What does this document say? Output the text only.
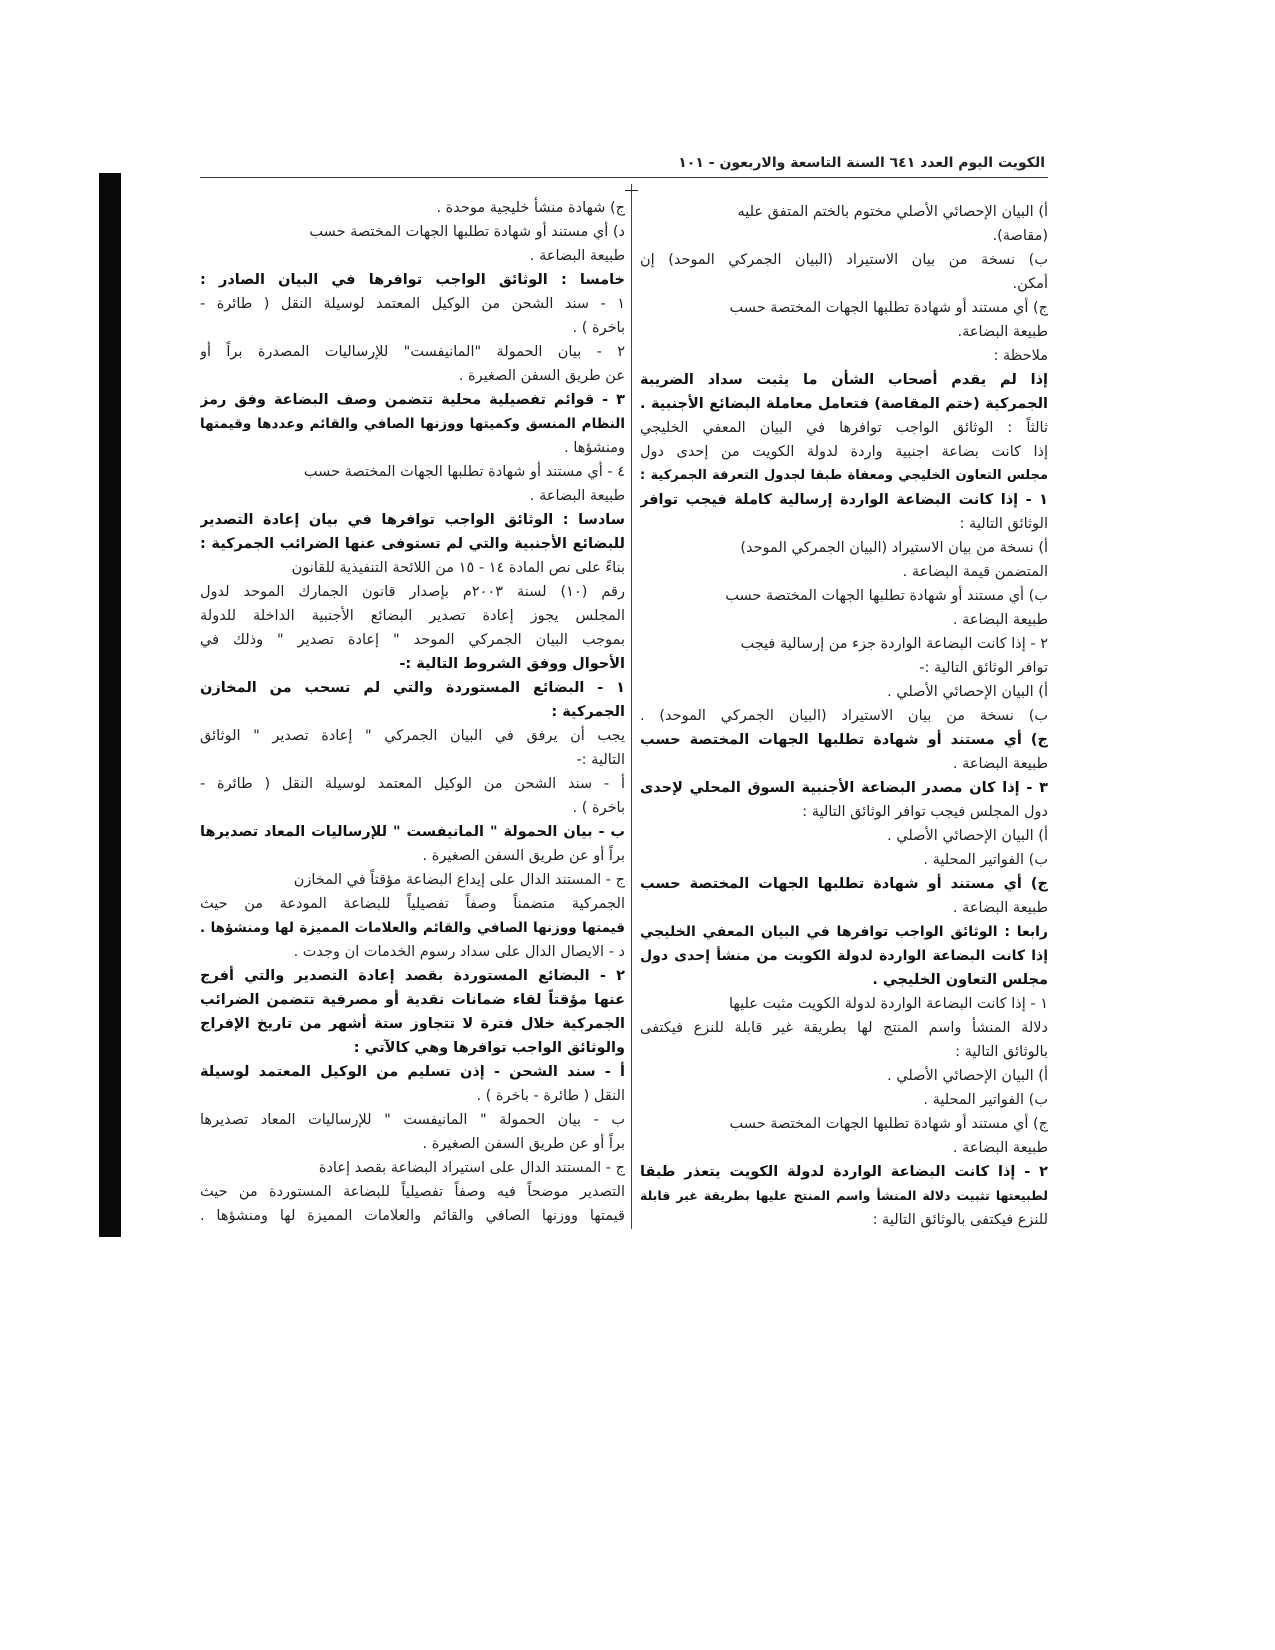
الكويت اليوم العدد ٦٤١ السنة التاسعة والاربعون - ١٠١
أ) البيان الإحصائي الأصلي مختوم بالختم المتفق عليه
(مقاصة).
ب) نسخة من بيان الاستيراد (البيان الجمركي الموحد) إن
أمكن.
ج) أي مستند أو شهادة تطلبها الجهات المختصة حسب
طبيعة البضاعة.
ملاحظة :
إذا لم يقدم أصحاب الشأن ما يثبت سداد الضريبة
الجمركية (ختم المقاصة) فتعامل معاملة البضائع الأجنبية .
ثالثاً : الوثائق الواجب توافرها في البيان المعفي الخليجي
إذا كانت بضاعة اجنبية واردة لدولة الكويت من إحدى دول
مجلس التعاون الخليجي ومعفاة طبقا لجدول التعرفة الجمركية :
١ - إذا كانت البضاعة الواردة إرسالية كاملة فيجب توافر
الوثائق التالية :
أ) نسخة من بيان الاستيراد (البيان الجمركي الموحد)
المتضمن قيمة البضاعة .
ب) أي مستند أو شهادة تطلبها الجهات المختصة حسب
طبيعة البضاعة .
٢ - إذا كانت البضاعة الواردة جزء من إرسالية فيجب
توافر الوثائق التالية :-
أ) البيان الإحصائي الأصلي .
ب) نسخة من بيان الاستيراد (البيان الجمركي الموحد) .
ج) أي مستند أو شهادة تطلبها الجهات المختصة حسب
طبيعة البضاعة .
٣ - إذا كان مصدر البضاعة الأجنبية السوق المحلي لإحدى
دول المجلس فيجب توافر الوثائق التالية :
أ) البيان الإحصائي الأصلي .
ب) الفواتير المحلية .
ج) أي مستند أو شهادة تطلبها الجهات المختصة حسب
طبيعة البضاعة .
رابعا : الوثائق الواجب توافرها في البيان المعفي الخليجي
إذا كانت البضاعة الواردة لدولة الكويت من منشأ إحدى دول
مجلس التعاون الخليجي .
١ - إذا كانت البضاعة الواردة لدولة الكويت مثبت عليها
دلالة المنشأ واسم المنتج لها بطريقة غير قابلة للنزع فيكتفى
بالوثائق التالية :
أ) البيان الإحصائي الأصلي .
ب) الفواتير المحلية .
ج) أي مستند أو شهادة تطلبها الجهات المختصة حسب
طبيعة البضاعة .
٢ - إذا كانت البضاعة الواردة لدولة الكويت يتعذر طبقا
لطبيعتها تثبيت دلالة المنشأ واسم المنتج عليها بطريقة غير قابلة
للنزع فيكتفى بالوثائق التالية :
ج) شهادة منشأ خليجية موحدة .
د) أي مستند أو شهادة تطلبها الجهات المختصة حسب
طبيعة البضاعة .
خامسا : الوثائق الواجب توافرها في البيان الصادر :
١ - سند الشحن من الوكيل المعتمد لوسيلة النقل ( طائرة -
باخرة ) .
٢ - بيان الحمولة "المانيفست" للإرساليات المصدرة براً أو
عن طريق السفن الصغيرة .
٣ - قوائم تفصيلية محلية تتضمن وصف البضاعة وفق رمز
النظام المنسق وكميتها ووزنها الصافي والقائم وعددها وقيمتها
ومنشؤها .
٤ - أي مستند أو شهادة تطلبها الجهات المختصة حسب
طبيعة البضاعة .
سادسا : الوثائق الواجب توافرها في بيان إعادة التصدير
للبضائع الأجنبية والتي لم تستوفى عنها الضرائب الجمركية :
بناءً على نص المادة ١٤ - ١٥ من اللائحة التنفيذية للقانون
رقم (١٠) لسنة ٢٠٠٣م بإصدار قانون الجمارك الموحد لدول
المجلس يجوز إعادة تصدير البضائع الأجنبية الداخلة للدولة
بموجب البيان الجمركي الموحد " إعادة تصدير " وذلك في
الأحوال ووفق الشروط التالية :-
١ - البضائع المستوردة والتي لم تسحب من المخازن
الجمركية :
يجب أن يرفق في البيان الجمركي " إعادة تصدير " الوثائق
التالية :-
أ - سند الشحن من الوكيل المعتمد لوسيلة النقل ( طائرة -
باخرة ) .
ب - بيان الحمولة " المانيفست " للإرساليات المعاد تصديرها
براً أو عن طريق السفن الصغيرة .
ج - المستند الدال على إيداع البضاعة مؤقتاً في المخازن
الجمركية متضمناً وصفاً تفصيلياً للبضاعة المودعة من حيث
قيمتها ووزنها الصافي والقائم والعلامات المميزة لها ومنشؤها .
د - الايصال الدال على سداد رسوم الخدمات ان وجدت .
٢ - البضائع المستوردة بقصد إعادة التصدير والتي أفرج
عنها مؤقتاً لقاء ضمانات نقدية أو مصرفية تتضمن الضرائب
الجمركية خلال فترة لا تتجاوز ستة أشهر من تاريخ الإفراج
والوثائق الواجب توافرها وهي كالآتي :
أ - سند الشحن - إذن تسليم من الوكيل المعتمد لوسيلة
النقل ( طائرة - باخرة ) .
ب - بيان الحمولة " المانيفست " للإرساليات المعاد تصديرها
براً أو عن طريق السفن الصغيرة .
ج - المستند الدال على استيراد البضاعة بقصد إعادة
التصدير موضحاً فيه وصفاً تفصيلياً للبضاعة المستوردة من حيث
قيمتها ووزنها الصافي والقائم والعلامات المميزة لها ومنشؤها .
